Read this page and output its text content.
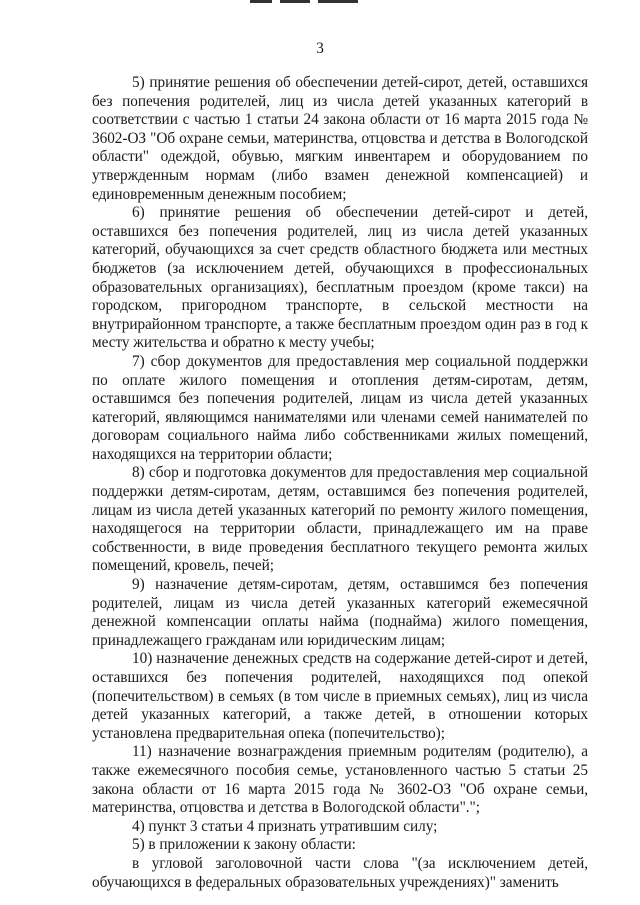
3

5) принятие решения об обеспечении детей-сирот, детей, оставшихся без попечения родителей, лиц из числа детей указанных категорий в соответствии с частью 1 статьи 24 закона области от 16 марта 2015 года № 3602-ОЗ "Об охране семьи, материнства, отцовства и детства в Вологодской области" одеждой, обувью, мягким инвентарем и оборудованием по утвержденным нормам (либо взамен денежной компенсацией) и единовременным денежным пособием;

6) принятие решения об обеспечении детей-сирот и детей, оставшихся без попечения родителей, лиц из числа детей указанных категорий, обучающихся за счет средств областного бюджета или местных бюджетов (за исключением детей, обучающихся в профессиональных образовательных организациях), бесплатным проездом (кроме такси) на городском, пригородном транспорте, в сельской местности на внутрирайонном транспорте, а также бесплатным проездом один раз в год к месту жительства и обратно к месту учебы;

7) сбор документов для предоставления мер социальной поддержки по оплате жилого помещения и отопления детям-сиротам, детям, оставшимся без попечения родителей, лицам из числа детей указанных категорий, являющимся нанимателями или членами семей нанимателей по договорам социального найма либо собственниками жилых помещений, находящихся на территории области;

8) сбор и подготовка документов для предоставления мер социальной поддержки детям-сиротам, детям, оставшимся без попечения родителей, лицам из числа детей указанных категорий по ремонту жилого помещения, находящегося на территории области, принадлежащего им на праве собственности, в виде проведения бесплатного текущего ремонта жилых помещений, кровель, печей;

9) назначение детям-сиротам, детям, оставшимся без попечения родителей, лицам из числа детей указанных категорий ежемесячной денежной компенсации оплаты найма (поднайма) жилого помещения, принадлежащего гражданам или юридическим лицам;

10) назначение денежных средств на содержание детей-сирот и детей, оставшихся без попечения родителей, находящихся под опекой (попечительством) в семьях (в том числе в приемных семьях), лиц из числа детей указанных категорий, а также детей, в отношении которых установлена предварительная опека (попечительство);

11) назначение вознаграждения приемным родителям (родителю), а также ежемесячного пособия семье, установленного частью 5 статьи 25 закона области от 16 марта 2015 года № 3602-ОЗ "Об охране семьи, материнства, отцовства и детства в Вологодской области".";

4) пункт 3 статьи 4 признать утратившим силу;

5) в приложении к закону области:

в угловой заголовочной части слова "(за исключением детей, обучающихся в федеральных образовательных учреждениях)" заменить
